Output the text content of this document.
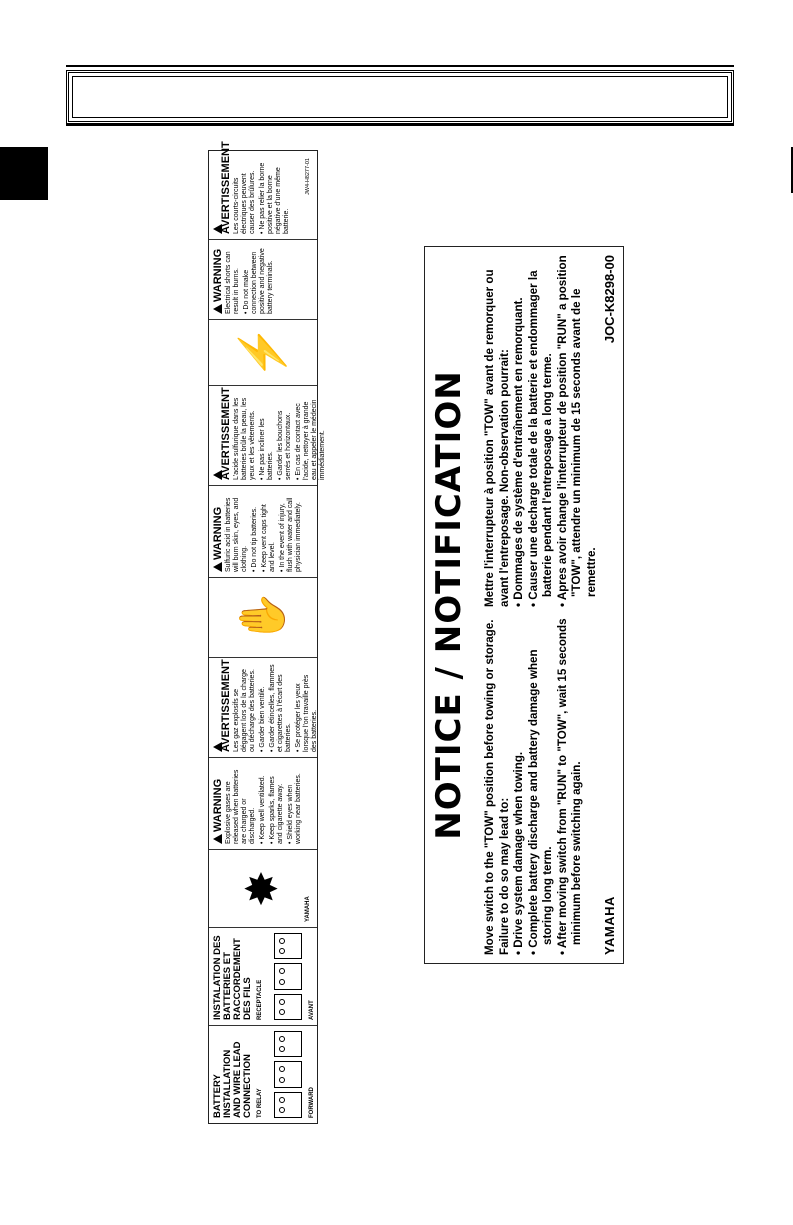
BATTERY INSTALLATION AND WIRE LEAD CONNECTION TO RELAY	FORWARD
INSTALATION DES BATTERIES ET RACCORDEMENT DES FILS RECEPTACLE	AVANT
✸
YAMAHA
WARNING Explosive gases are released when batteries are charged or discharged. • Keep well ventilated. • Keep sparks, flames and cigarette away. • Shield eyes when working near batteries.
AVERTISSEMENT Les gaz explosifs se dégagent lors de la charge ou décharge des batteries. • Garder bien ventilé. • Garder étincelles, flammes et cigarettes à l'écart des batteries. • Se protéger les yeux lorsque l'on travaille près des batteries.
✋
WARNING Sulfuric acid in batteries will burn skin, eyes, and clothing. • Do not tip batteries. • Keep vent caps tight and level. • In the event of injury, flush with water and call physician immediately.
AVERTISSEMENT L'acide sulfurique dans les batteries brûle la peau, les yeux et les vêtements. • Ne pas incliner les batteries. • Garder les bouchons serrés et horizontaux. • En cas de contact avec l'acide, nettoyer à grande eau et appeler le médecin immédiatement.
⚡
WARNING Electrical shorts can result in burns. • Do not make connection between positive and negative battery terminals.
AVERTISSEMENT Les courts-circuits électriques peuvent causer des brûlures. • Ne pas relier la borne positive et la borne négative d'une même batterie.
JW4-H8277-01
NOTICE / NOTIFICATION Move switch to the "TOW" position before towing or storage. Failure to do so may lead to: • Drive system damage when towing. • Complete battery discharge and battery damage when storing long term. • After moving switch from "RUN" to "TOW", wait 15 seconds minimum before switching again.
Mettre l'interrupteur à position "TOW" avant de remorquer ou avant l'entreposage. Non-observation pourrait: • Dommages de système d'entraînement en remorquant. • Causer une decharge totale de la batterie et endommager la batterie pendant l'entreposage a long terme. • Apres avoir change l'interrupteur de position "RUN" a position "TOW", attendre un minimum de 15 seconds avant de le remettre.
YAMAHA
JOC-K8298-00
